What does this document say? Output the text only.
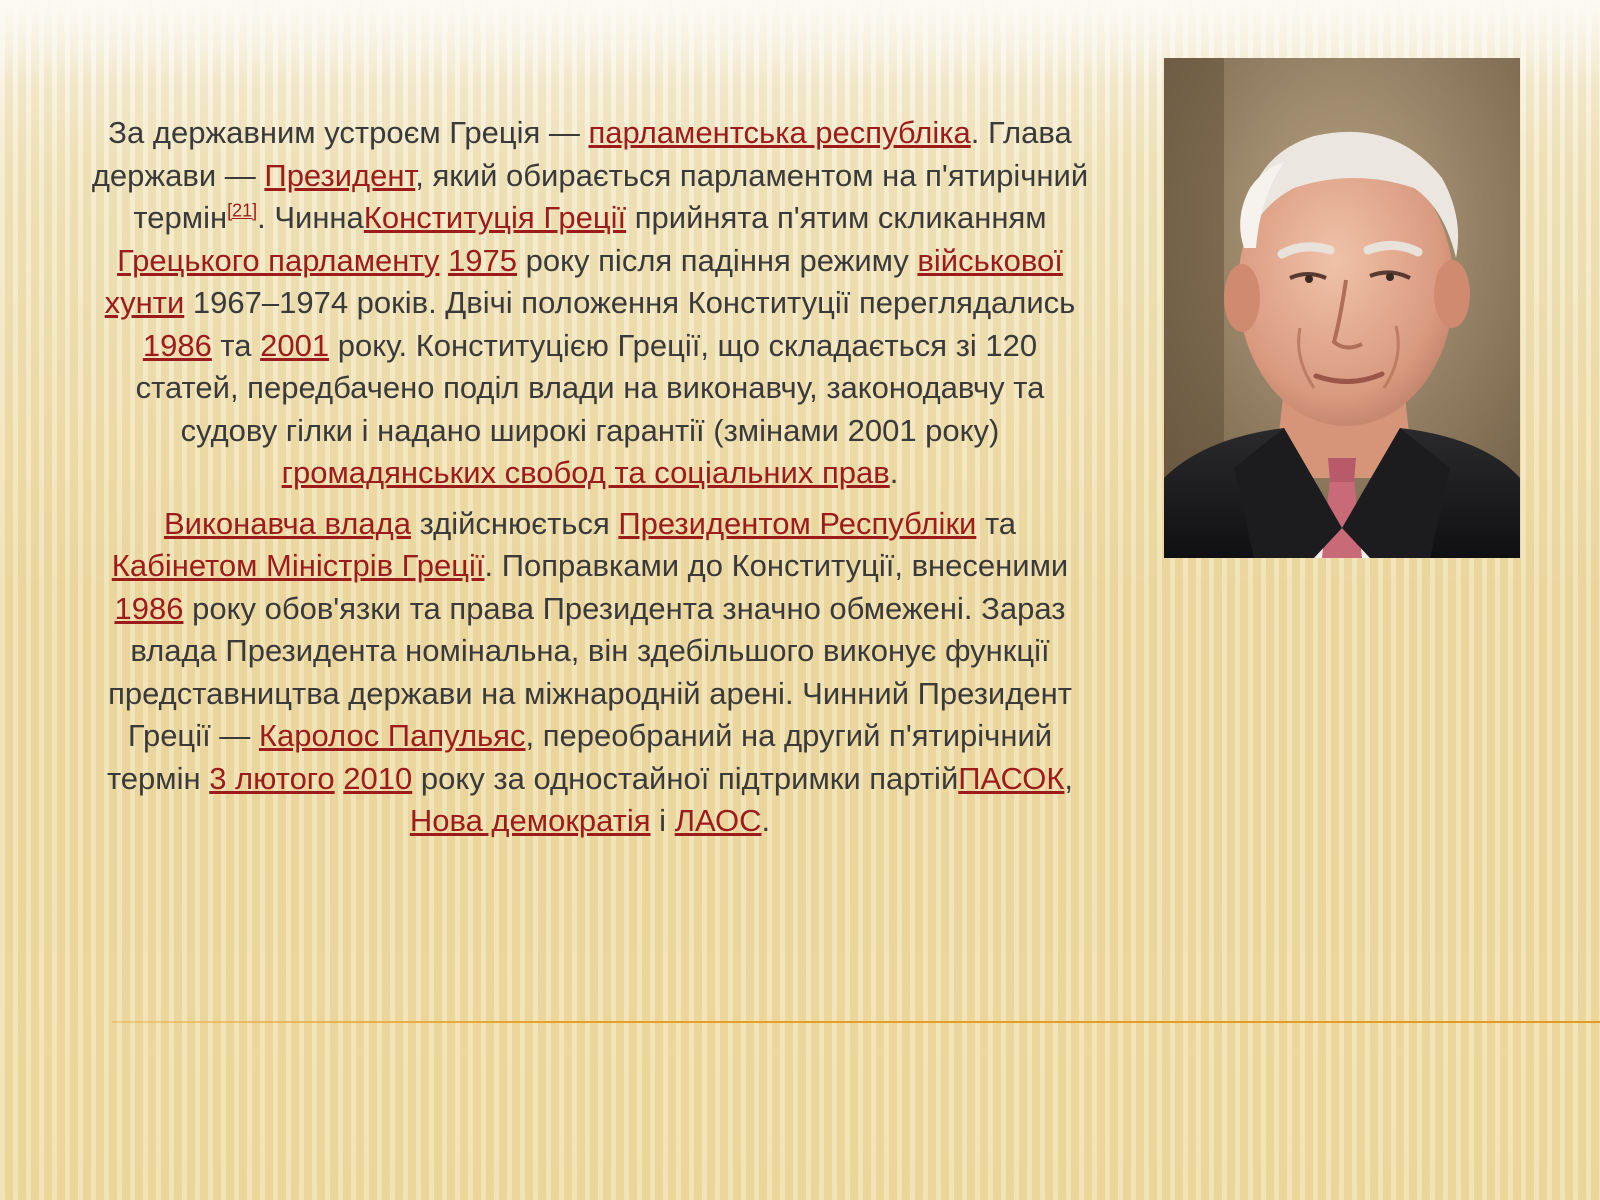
За державним устроєм Греція — парламентська республіка. Глава держави — Президент, який обирається парламентом на п'ятирічний термін[21]. ЧиннаКонституція Греції прийнята п'ятим скликанням Грецького парламенту 1975 року після падіння режиму військової хунти 1967–1974 років. Двічі положення Конституції переглядались 1986 та 2001 року. Конституцією Греції, що складається зі 120 статей, передбачено поділ влади на виконавчу, законодавчу та судову гілки і надано широкі гарантії (змінами 2001 року) громадянських свобод та соціальних прав.

Виконавча влада здійснюється Президентом Республіки та Кабінетом Міністрів Греції. Поправками до Конституції, внесеними 1986 року обов'язки та права Президента значно обмежені. Зараз влада Президента номінальна, він здебільшого виконує функції представництва держави на міжнародній арені. Чинний Президент Греції — Каролос Папульяс, переобраний на другий п'ятирічний термін 3 лютого 2010 року за одностайної підтримки партійПАСОК, Нова демократія і ЛАОС.
